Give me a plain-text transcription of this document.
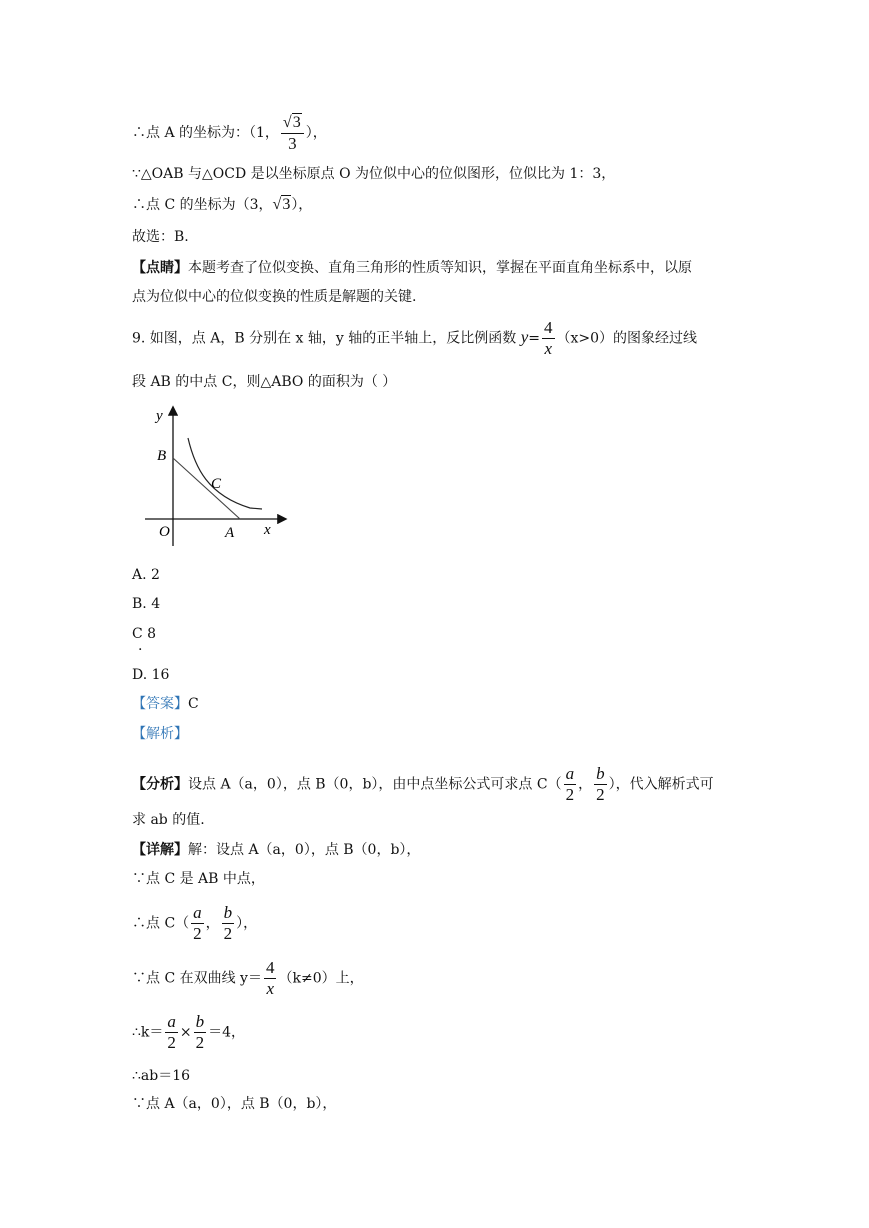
∴点 A 的坐标为：（1， $\frac{√3}{3}$ ），
∵△OAB 与△OCD 是以坐标原点 O 为位似中心的位似图形，位似比为 1：3，
∴点 C 的坐标为（3，√3），
故选：B.
【点睛】本题考查了位似变换、直角三角形的性质等知识，掌握在平面直角坐标系中，以原
点为位似中心的位似变换的性质是解题的关键.
9. 如图，点 A，B 分别在 x 轴，y 轴的正半轴上，反比例函数 $y= \frac{4}{x} (x>0)$的图象经过线
段 AB 的中点 C，则△ABO 的面积为（ ）
y
B
C
O	A x
A. 2
B. 4
C 8
.
D. 16
【答案】C
【解析】
【分析】设点 A（a，0），点 B（0，b），由中点坐标公式可求点 $C( \frac{a}{2}$ ， $\frac{b}{2}$ ），代入解析式可
求 ab 的值.
【详解】解：设点 A（a，0），点 B（0，b），
∵点 C 是 AB 中点，
∴点 $C( \frac{a}{2}$ ， $\frac{b}{2}$ ），
∵点 C 在双曲线 $y= \frac{4}{x} (k\ne 0)$上，
∴k＝ $\frac{a}{2} \times \frac{b}{2} =4$，
∴ab＝16
∵点 A（a，0），点 B（0，b），
